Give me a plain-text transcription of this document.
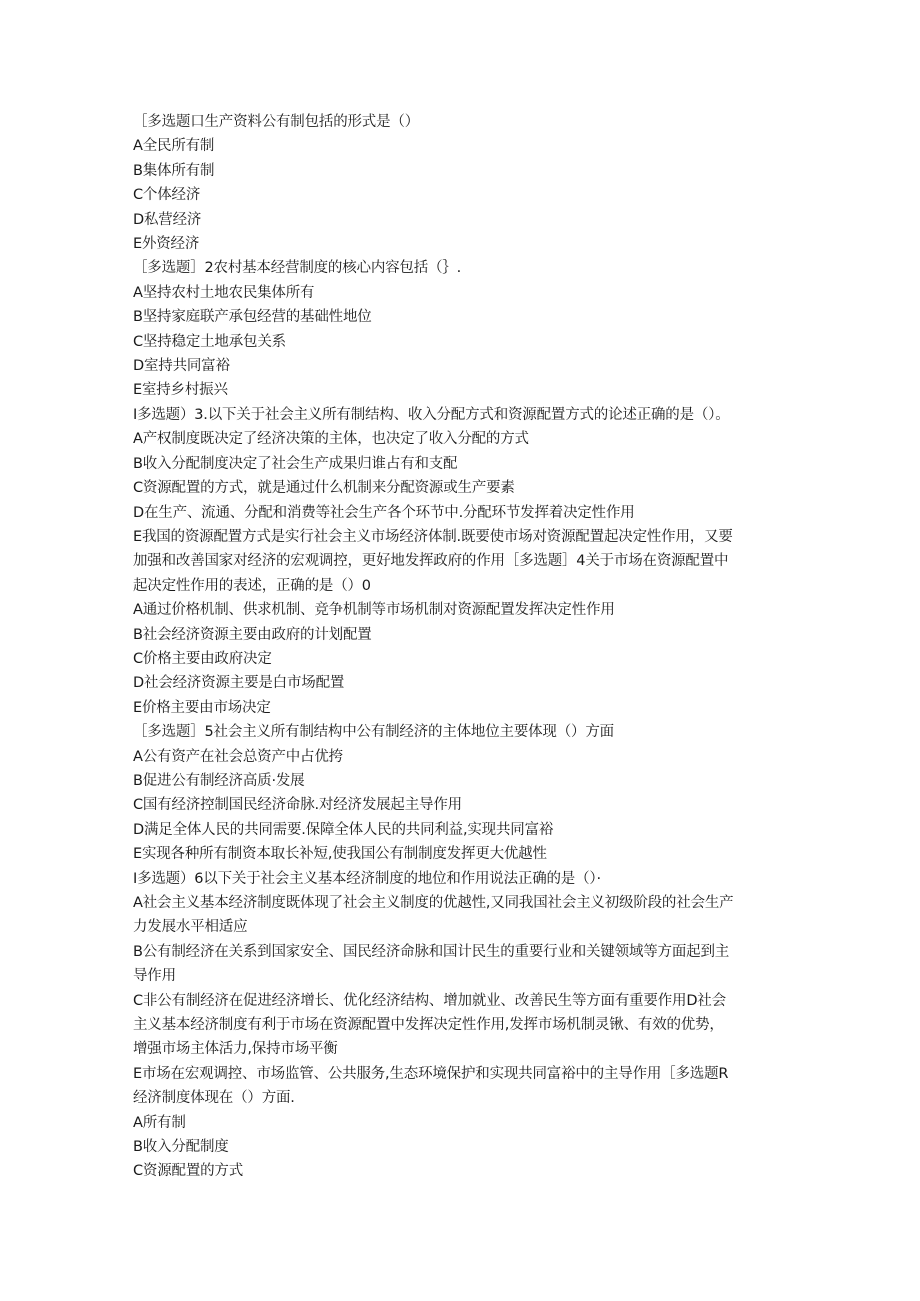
［多选题口生产资料公有制包括的形式是（）
A全民所有制
B集体所有制
C个体经济
D私营经济
E外资经济
［多选题］2农村基本经营制度的核心内容包括（｝.
A坚持农村土地农民集体所有
B坚持家庭联产承包经营的基础性地位
C坚持稳定土地承包关系
D室持共同富裕
E室持乡村振兴
I多选题）3.以下关于社会主义所有制结构、收入分配方式和资源配置方式的论述正确的是（）。
A产权制度既决定了经济决策的主体，也决定了收入分配的方式
B收入分配制度决定了社会生产成果归谁占有和支配
C资源配置的方式，就是通过什么机制来分配资源或生产要素
D在生产、流通、分配和消费等社会生产各个环节中.分配环节发挥着决定性作用
E我国的资源配置方式是实行社会主义市场经济体制.既要使市场对资源配置起决定性作用，又要
加强和改善国家对经济的宏观调控，更好地发挥政府的作用［多选题］4关于市场在资源配置中
起决定性作用的表述，正确的是（）0
A通过价格机制、供求机制、竞争机制等市场机制对资源配置发挥决定性作用
B社会经济资源主要由政府的计划配置
C价格主要由政府决定
D社会经济资源主要是白市场配置
E价格主要由市场决定
［多选题］5社会主义所有制结构中公有制经济的主体地位主要体现（）方面
A公有资产在社会总资产中占优挎
B促进公有制经济高质·发展
C国有经济控制国民经济命脉.对经济发展起主导作用
D满足全体人民的共同需要.保障全体人民的共同利益,实现共同富裕
E实现各种所有制资本取长补短,使我国公有制制度发挥更大优越性
I多选题）6以下关于社会主义基本经济制度的地位和作用说法正确的是（）·
A社会主义基本经济制度既体现了社会主义制度的优越性,又同我国社会主义初级阶段的社会生产
力发展水平相适应
B公有制经济在关系到国家安全、国民经济命脉和国计民生的重要行业和关键领域等方面起到主
导作用
C非公有制经济在促进经济增长、优化经济结构、增加就业、改善民生等方面有重要作用D社会
主义基本经济制度有利于市场在资源配置中发挥决定性作用,发挥市场机制灵锹、有效的优势，
增强市场主体活力,保持市场平衡
E市场在宏观调控、市场监管、公共服务,生态环境保护和实现共同富裕中的主导作用［多选题R
经济制度体现在（）方面.
A所有制
B收入分配制度
C资源配置的方式
